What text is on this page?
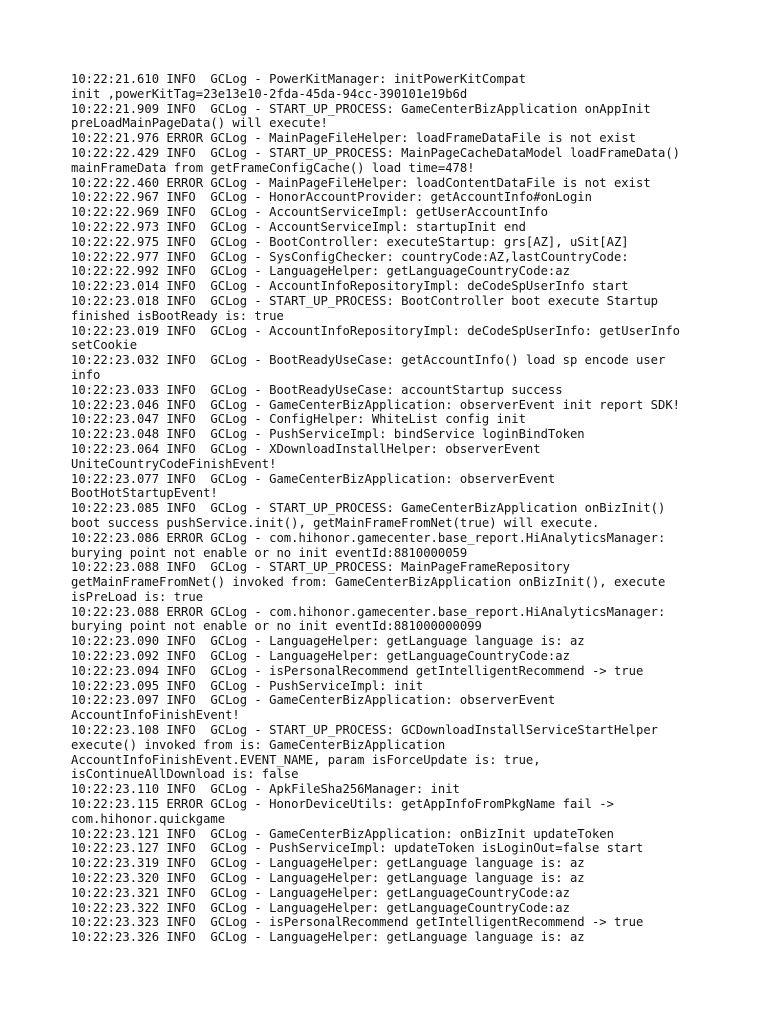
10:22:21.610 INFO  GCLog - PowerKitManager: initPowerKitCompat
init ,powerKitTag=23e13e10-2fda-45da-94cc-390101e19b6d
10:22:21.909 INFO  GCLog - START_UP_PROCESS: GameCenterBizApplication onAppInit
preLoadMainPageData() will execute!
10:22:21.976 ERROR GCLog - MainPageFileHelper: loadFrameDataFile is not exist
10:22:22.429 INFO  GCLog - START_UP_PROCESS: MainPageCacheDataModel loadFrameData()
mainFrameData from getFrameConfigCache() load time=478!
10:22:22.460 ERROR GCLog - MainPageFileHelper: loadContentDataFile is not exist
10:22:22.967 INFO  GCLog - HonorAccountProvider: getAccountInfo#onLogin
10:22:22.969 INFO  GCLog - AccountServiceImpl: getUserAccountInfo
10:22:22.973 INFO  GCLog - AccountServiceImpl: startupInit end
10:22:22.975 INFO  GCLog - BootController: executeStartup: grs[AZ], uSit[AZ]
10:22:22.977 INFO  GCLog - SysConfigChecker: countryCode:AZ,lastCountryCode:
10:22:22.992 INFO  GCLog - LanguageHelper: getLanguageCountryCode:az
10:22:23.014 INFO  GCLog - AccountInfoRepositoryImpl: deCodeSpUserInfo start
10:22:23.018 INFO  GCLog - START_UP_PROCESS: BootController boot execute Startup
finished isBootReady is: true
10:22:23.019 INFO  GCLog - AccountInfoRepositoryImpl: deCodeSpUserInfo: getUserInfo
setCookie
10:22:23.032 INFO  GCLog - BootReadyUseCase: getAccountInfo() load sp encode user
info
10:22:23.033 INFO  GCLog - BootReadyUseCase: accountStartup success
10:22:23.046 INFO  GCLog - GameCenterBizApplication: observerEvent init report SDK!
10:22:23.047 INFO  GCLog - ConfigHelper: WhiteList config init
10:22:23.048 INFO  GCLog - PushServiceImpl: bindService loginBindToken
10:22:23.064 INFO  GCLog - XDownloadInstallHelper: observerEvent
UniteCountryCodeFinishEvent!
10:22:23.077 INFO  GCLog - GameCenterBizApplication: observerEvent
BootHotStartupEvent!
10:22:23.085 INFO  GCLog - START_UP_PROCESS: GameCenterBizApplication onBizInit()
boot success pushService.init(), getMainFrameFromNet(true) will execute.
10:22:23.086 ERROR GCLog - com.hihonor.gamecenter.base_report.HiAnalyticsManager:
burying point not enable or no init eventId:8810000059
10:22:23.088 INFO  GCLog - START_UP_PROCESS: MainPageFrameRepository
getMainFrameFromNet() invoked from: GameCenterBizApplication onBizInit(), execute
isPreLoad is: true
10:22:23.088 ERROR GCLog - com.hihonor.gamecenter.base_report.HiAnalyticsManager:
burying point not enable or no init eventId:881000000099
10:22:23.090 INFO  GCLog - LanguageHelper: getLanguage language is: az
10:22:23.092 INFO  GCLog - LanguageHelper: getLanguageCountryCode:az
10:22:23.094 INFO  GCLog - isPersonalRecommend getIntelligentRecommend -> true
10:22:23.095 INFO  GCLog - PushServiceImpl: init
10:22:23.097 INFO  GCLog - GameCenterBizApplication: observerEvent
AccountInfoFinishEvent!
10:22:23.108 INFO  GCLog - START_UP_PROCESS: GCDownloadInstallServiceStartHelper
execute() invoked from is: GameCenterBizApplication
AccountInfoFinishEvent.EVENT_NAME, param isForceUpdate is: true,
isContinueAllDownload is: false
10:22:23.110 INFO  GCLog - ApkFileSha256Manager: init
10:22:23.115 ERROR GCLog - HonorDeviceUtils: getAppInfoFromPkgName fail ->
com.hihonor.quickgame
10:22:23.121 INFO  GCLog - GameCenterBizApplication: onBizInit updateToken
10:22:23.127 INFO  GCLog - PushServiceImpl: updateToken isLoginOut=false start
10:22:23.319 INFO  GCLog - LanguageHelper: getLanguage language is: az
10:22:23.320 INFO  GCLog - LanguageHelper: getLanguage language is: az
10:22:23.321 INFO  GCLog - LanguageHelper: getLanguageCountryCode:az
10:22:23.322 INFO  GCLog - LanguageHelper: getLanguageCountryCode:az
10:22:23.323 INFO  GCLog - isPersonalRecommend getIntelligentRecommend -> true
10:22:23.326 INFO  GCLog - LanguageHelper: getLanguage language is: az
